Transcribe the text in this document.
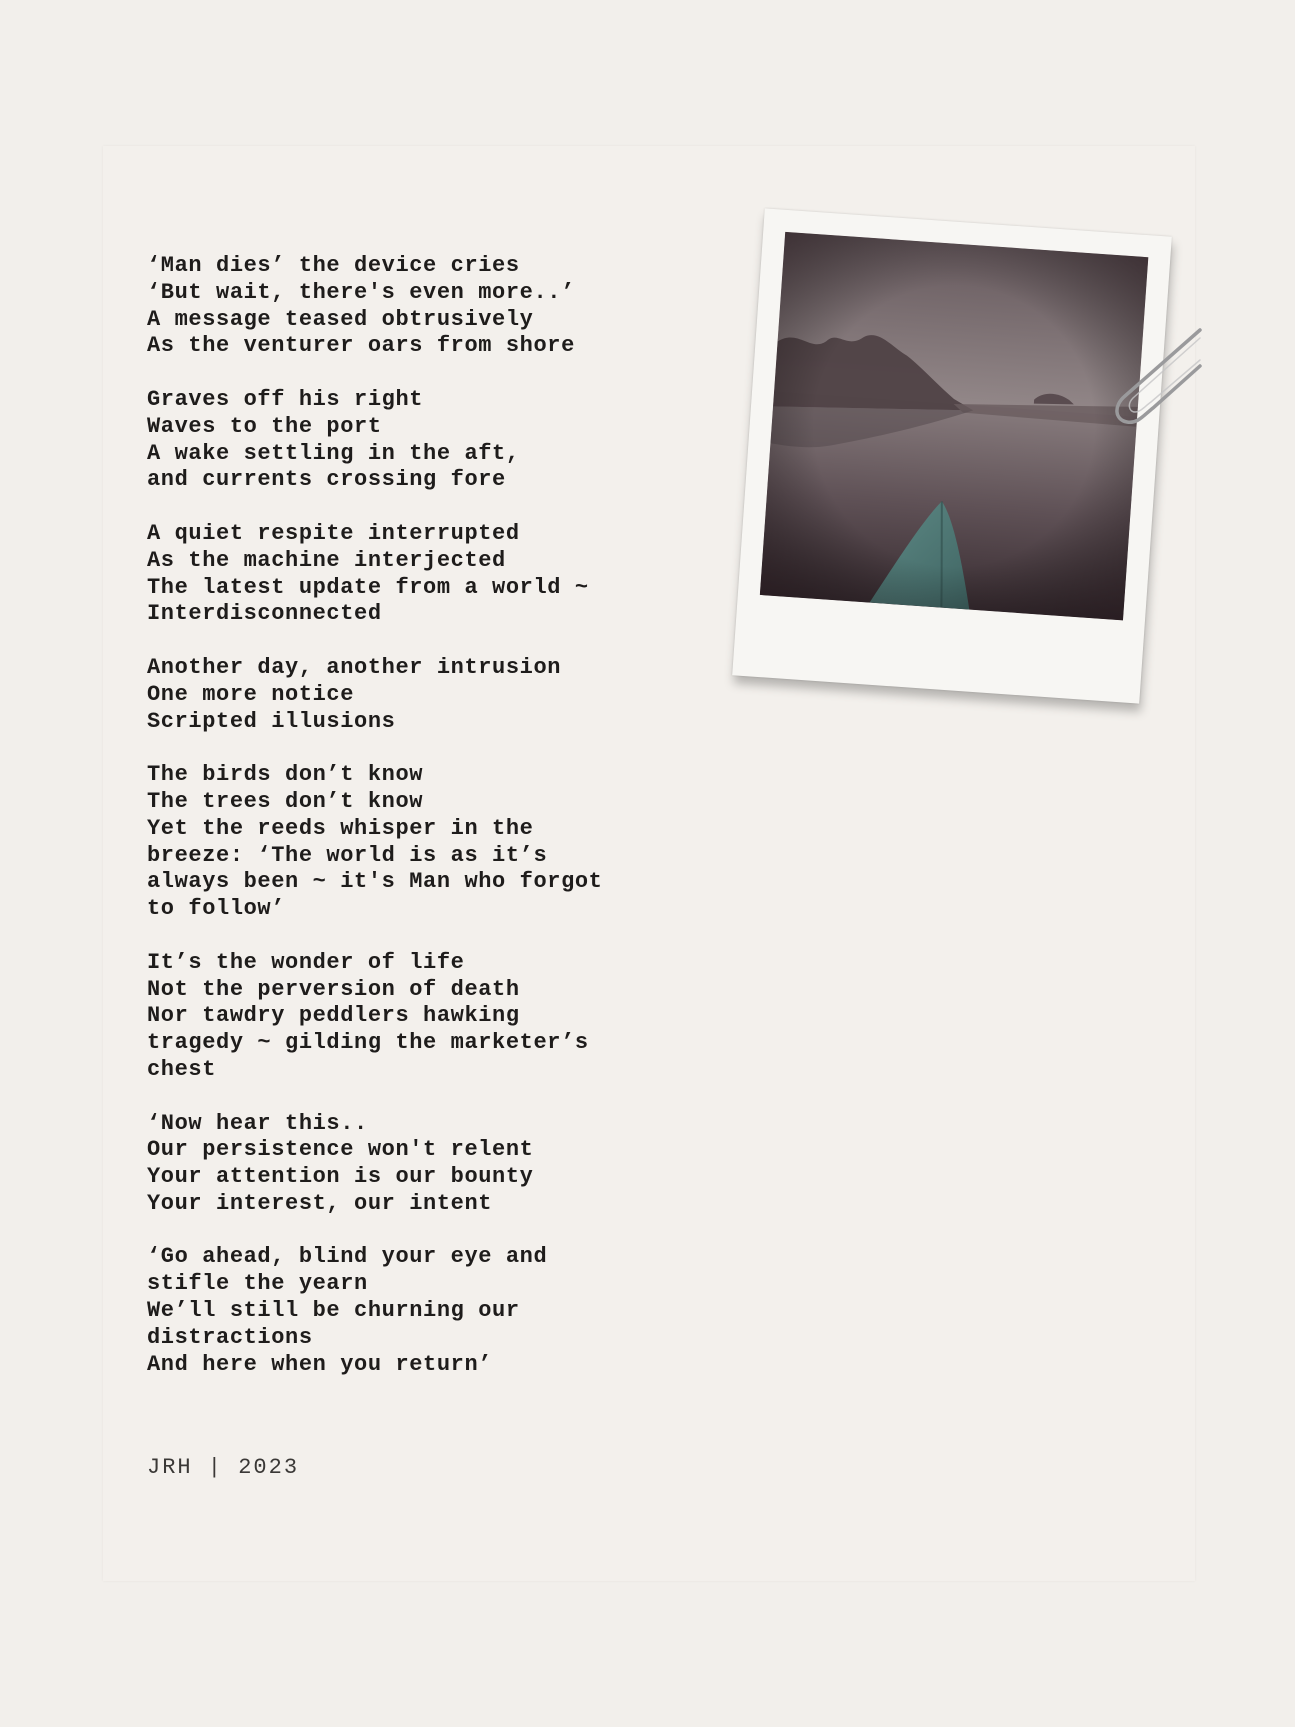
‘Man dies’ the device cries
‘But wait, there's even more..’
A message teased obtrusively
As the venturer oars from shore
Graves off his right
Waves to the port
A wake settling in the aft,
and currents crossing fore
A quiet respite interrupted
As the machine interjected
The latest update from a world ~
Interdisconnected
Another day, another intrusion
One more notice
Scripted illusions
The birds don’t know
The trees don’t know
Yet the reeds whisper in the
breeze: ‘The world is as it’s
always been ~ it's Man who forgot
to follow’
It’s the wonder of life
Not the perversion of death
Nor tawdry peddlers hawking
tragedy ~ gilding the marketer’s
chest
‘Now hear this..
Our persistence won't relent
Your attention is our bounty
Your interest, our intent
‘Go ahead, blind your eye and
stifle the yearn
We’ll still be churning our
distractions
And here when you return’
JRH | 2023
